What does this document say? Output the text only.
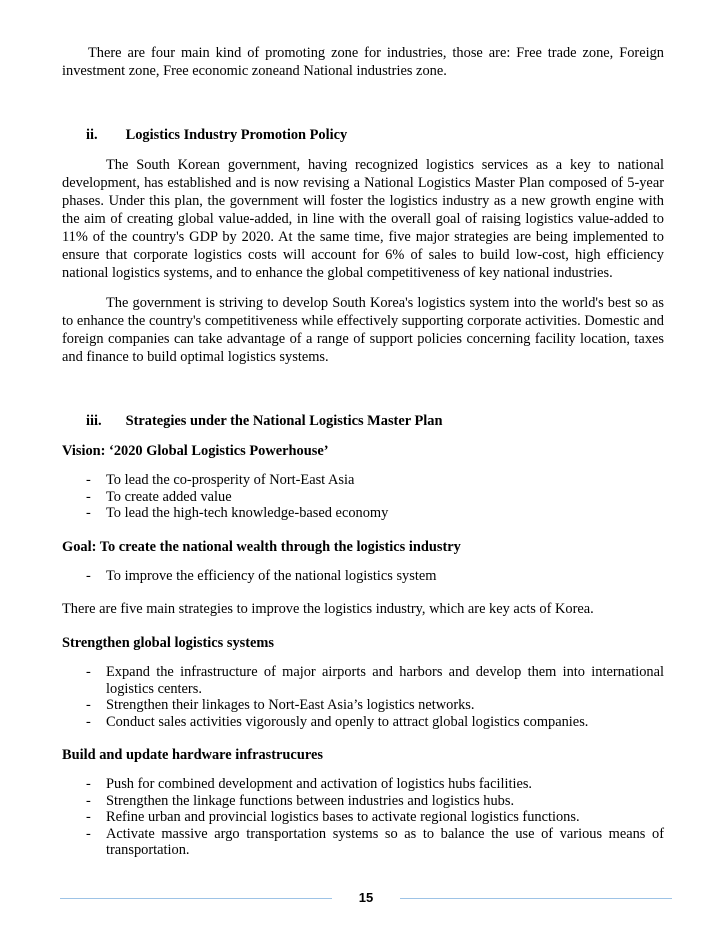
There are four main kind of promoting zone for industries, those are: Free trade zone, Foreign investment zone, Free economic zoneand National industries zone.

ii. Logistics Industry Promotion Policy

The South Korean government, having recognized logistics services as a key to national development, has established and is now revising a National Logistics Master Plan composed of 5-year phases. Under this plan, the government will foster the logistics industry as a new growth engine with the aim of creating global value-added, in line with the overall goal of raising logistics value-added to 11% of the country's GDP by 2020. At the same time, five major strategies are being implemented to ensure that corporate logistics costs will account for 6% of sales to build low-cost, high efficiency national logistics systems, and to enhance the global competitiveness of key national industries.

The government is striving to develop South Korea's logistics system into the world's best so as to enhance the country's competitiveness while effectively supporting corporate activities. Domestic and foreign companies can take advantage of a range of support policies concerning facility location, taxes and finance to build optimal logistics systems.

iii. Strategies under the National Logistics Master Plan
Vision: ‘2020 Global Logistics Powerhouse’
- To lead the co-prosperity of Nort-East Asia
- To create added value
- To lead the high-tech knowledge-based economy
Goal: To create the national wealth through the logistics industry
- To improve the efficiency of the national logistics system

There are five main strategies to improve the logistics industry, which are key acts of Korea.

Strengthen global logistics systems
- Expand the infrastructure of major airports and harbors and develop them into international logistics centers.
- Strengthen their linkages to Nort-East Asia’s logistics networks.
- Conduct sales activities vigorously and openly to attract global logistics companies.
Build and update hardware infrastrucures
- Push for combined development and activation of logistics hubs facilities.
- Strengthen the linkage functions between industries and logistics hubs.
- Refine urban and provincial logistics bases to activate regional logistics functions.
- Activate massive argo transportation systems so as to balance the use of various means of transportation.
15
